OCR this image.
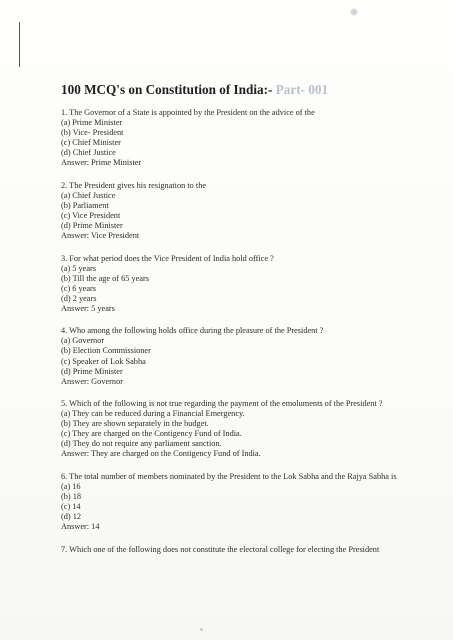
100 MCQ's on Constitution of India:- Part- 001

1. The Governor of a State is appointed by the President on the advice of the

(a) Prime Minister

(b) Vice- President

(c) Chief Minister

(d) Chief Justice

Answer: Prime Minister

2. The President gives his resignation to the

(a) Chief Justice

(b) Parliament

(c) Vice President

(d) Prime Minister

Answer: Vice President

3. For what period does the Vice President of India hold office ?

(a) 5 years

(b) Till the age of 65 years

(c) 6 years

(d) 2 years

Answer: 5 years

4. Who among the following holds office during the pleasure of the President ?

(a) Governor

(b) Election Commissioner

(c) Speaker of Lok Sabha

(d) Prime Minister

Answer: Governor

5. Which of the following is not true regarding the payment of the emoluments of the President ?

(a) They can be reduced during a Financial Emergency.

(b) They are shown separately in the budget.

(c) They are charged on the Contigency Fund of India.

(d) They do not require any parliament sanction.

Answer: They are charged on the Contigency Fund of India.

6. The total number of members nominated by the President to the Lok Sabha and the Rajya Sabha is

(a) 16

(b) 18

(c) 14

(d) 12

Answer: 14

7. Which one of the following does not constitute the electoral college for electing the President
